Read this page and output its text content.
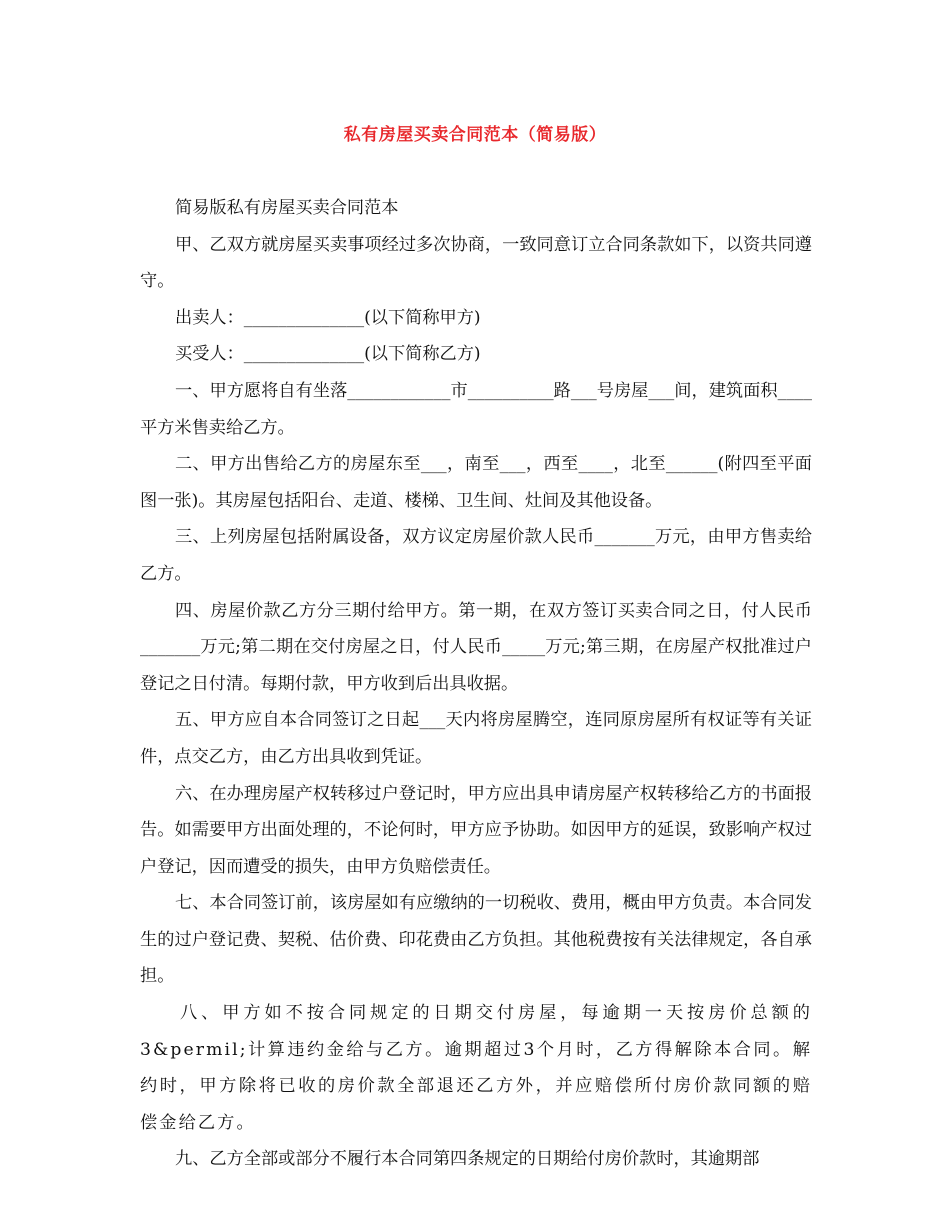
私有房屋买卖合同范本（简易版）

简易版私有房屋买卖合同范本

甲、乙双方就房屋买卖事项经过多次协商，一致同意订立合同条款如下，以资共同遵守。

出卖人：______________(以下简称甲方)

买受人：______________(以下简称乙方)

一、甲方愿将自有坐落____________市__________路___号房屋___间，建筑面积____平方米售卖给乙方。

二、甲方出售给乙方的房屋东至___，南至___，西至____，北至______(附四至平面图一张)。其房屋包括阳台、走道、楼梯、卫生间、灶间及其他设备。

三、上列房屋包括附属设备，双方议定房屋价款人民币_______万元，由甲方售卖给乙方。

四、房屋价款乙方分三期付给甲方。第一期，在双方签订买卖合同之日，付人民币_______万元;第二期在交付房屋之日，付人民币_____万元;第三期，在房屋产权批准过户登记之日付清。每期付款，甲方收到后出具收据。

五、甲方应自本合同签订之日起___天内将房屋腾空，连同原房屋所有权证等有关证件，点交乙方，由乙方出具收到凭证。

六、在办理房屋产权转移过户登记时，甲方应出具申请房屋产权转移给乙方的书面报告。如需要甲方出面处理的，不论何时，甲方应予协助。如因甲方的延误，致影响产权过户登记，因而遭受的损失，由甲方负赔偿责任。

七、本合同签订前，该房屋如有应缴纳的一切税收、费用，概由甲方负责。本合同发生的过户登记费、契税、估价费、印花费由乙方负担。其他税费按有关法律规定，各自承担。

八、甲方如不按合同规定的日期交付房屋，每逾期一天按房价总额的3&permil;计算违约金给与乙方。逾期超过3个月时，乙方得解除本合同。解约时，甲方除将已收的房价款全部退还乙方外，并应赔偿所付房价款同额的赔偿金给乙方。

九、乙方全部或部分不履行本合同第四条规定的日期给付房价款时，其逾期部
